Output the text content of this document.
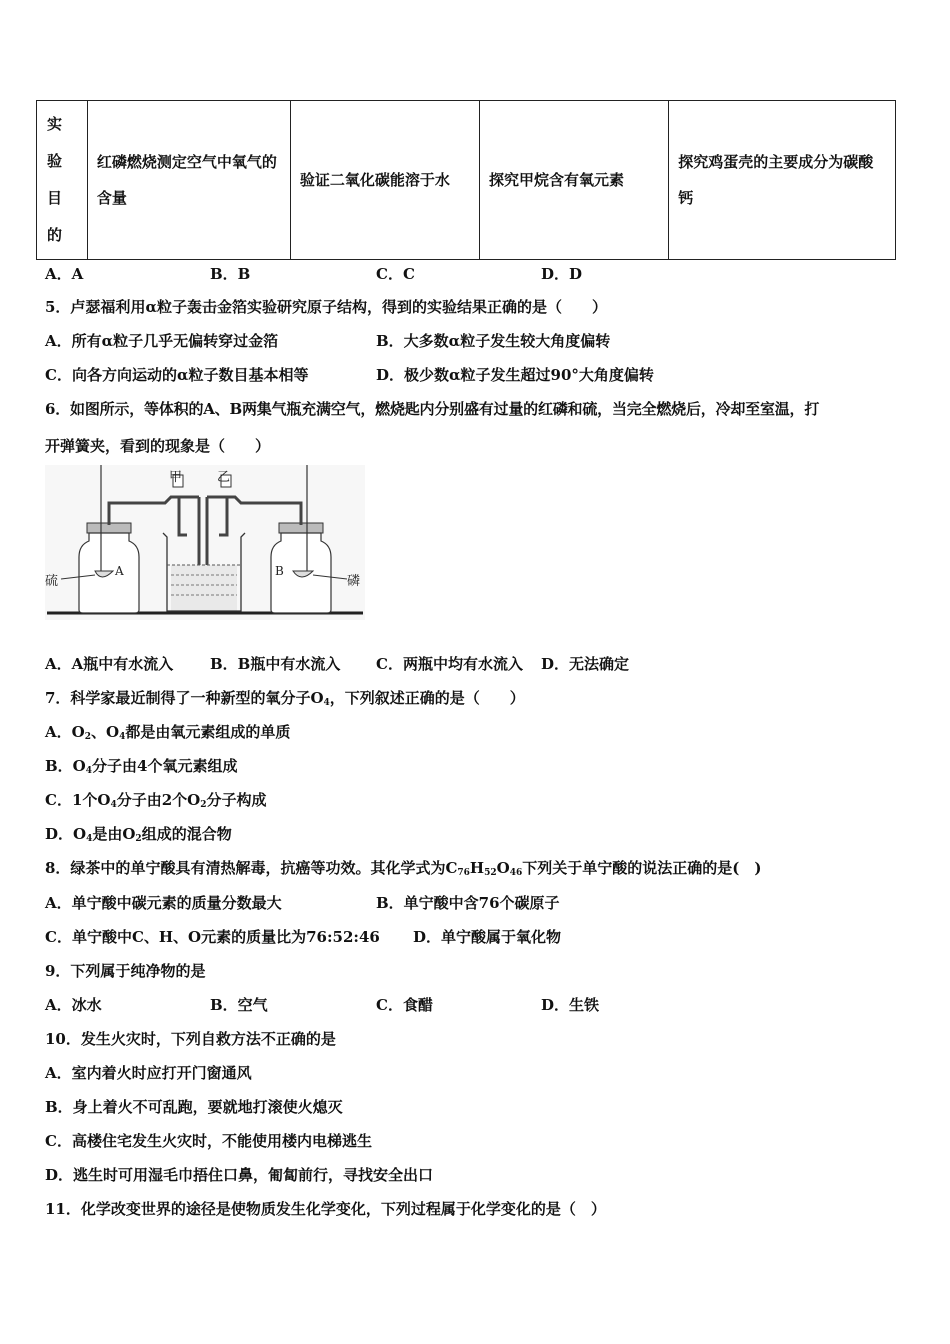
实
验
目
的
	红磷燃烧测定空气中氧气的含量	验证二氧化碳能溶于水	探究甲烷含有氧元素	探究鸡蛋壳的主要成分为碳酸钙
A．A	B．B	C．C	D．D
5．卢瑟福利用α粒子轰击金箔实验研究原子结构，得到的实验结果正确的是（　　）
A．所有α粒子几乎无偏转穿过金箔	B．大多数α粒子发生较大角度偏转
C．向各方向运动的α粒子数目基本相等	D．极少数α粒子发生超过90°大角度偏转
6．如图所示，等体积的A、B两集气瓶充满空气，燃烧匙内分别盛有过量的红磷和硫，当完全燃烧后，冷却至室温，打
开弹簧夹，看到的现象是（　　）
甲	乙
硫	磷
A	B
A．A瓶中有水流入 B．B瓶中有水流入 C．两瓶中均有水流入 D．无法确定
7．科学家最近制得了一种新型的氧分子$O_4$，下列叙述正确的是（　　）
A．$O_2$、$O_4$都是由氧元素组成的单质
B．$O_4$分子由4个氧元素组成
C．1个$O_4$分子由2个$O_2$分子构成
D．$O_4$是由$O_2$组成的混合物
8．绿茶中的单宁酸具有清热解毒，抗癌等功效。其化学式为$C_{76}H_{52}O_{46}$下列关于单宁酸的说法正确的是(　)
A．单宁酸中碳元素的质量分数最大	B．单宁酸中含76个碳原子
C．单宁酸中C、H、O元素的质量比为76:52:46 D．单宁酸属于氧化物
9．下列属于纯净物的是
A．冰水	B．空气	C．食醋	D．生铁
10．发生火灾时，下列自救方法不正确的是
A．室内着火时应打开门窗通风
B．身上着火不可乱跑，要就地打滚使火熄灭
C．高楼住宅发生火灾时，不能使用楼内电梯逃生
D．逃生时可用湿毛巾捂住口鼻，匍匐前行，寻找安全出口
11．化学改变世界的途径是使物质发生化学变化，下列过程属于化学变化的是（　）
